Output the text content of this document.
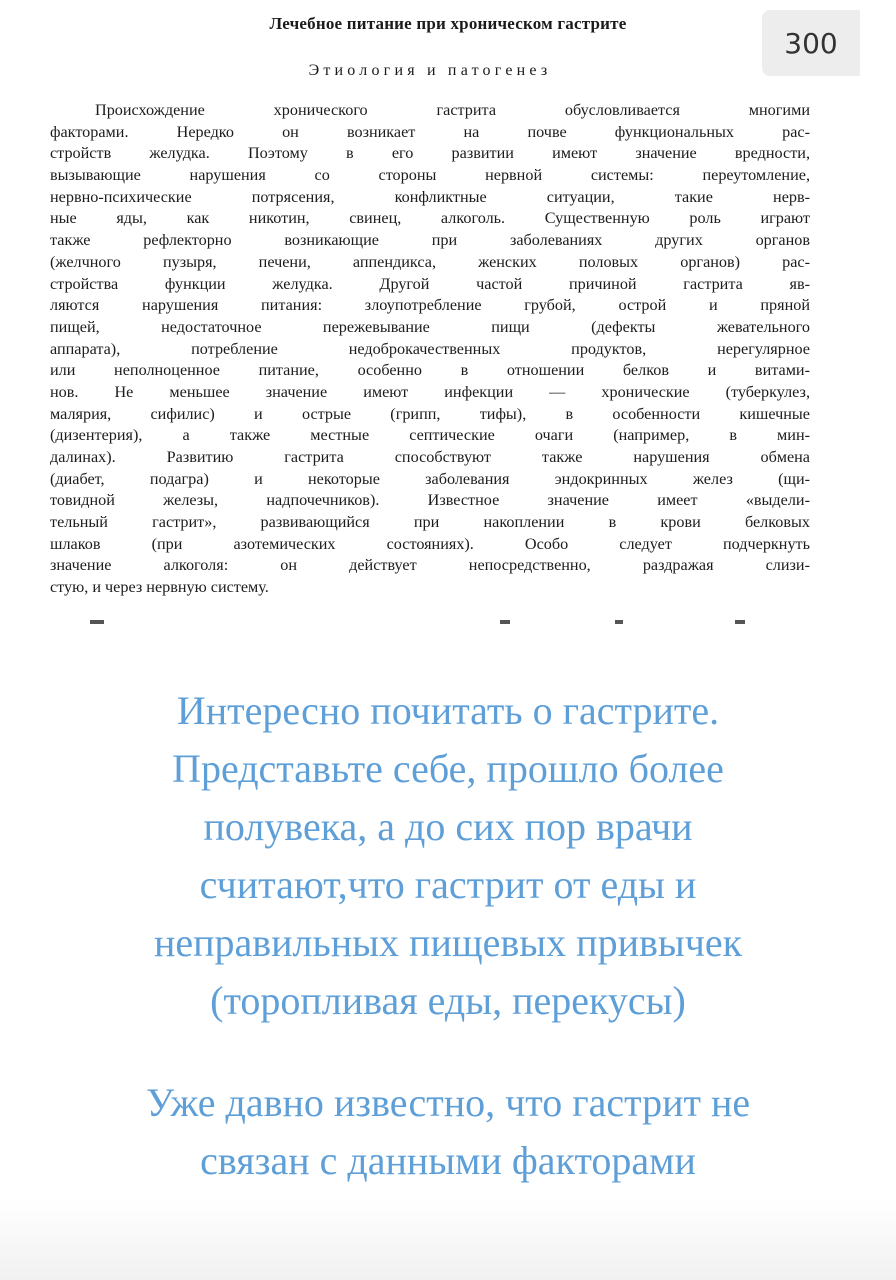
Лечебное питание при хроническом гастрите
300
Этиология и патогенез
Происхождение хронического гастрита обусловливается многими
факторами. Нередко он возникает на почве функциональных рас-
стройств желудка. Поэтому в его развитии имеют значение вредности,
вызывающие нарушения со стороны нервной системы: переутомление,
нервно-психические потрясения, конфликтные ситуации, такие нерв-
ные яды, как никотин, свинец, алкоголь. Существенную роль играют
также рефлекторно возникающие при заболеваниях других органов
(желчного пузыря, печени, аппендикса, женских половых органов) рас-
стройства функции желудка. Другой частой причиной гастрита яв-
ляются нарушения питания: злоупотребление грубой, острой и пряной
пищей, недостаточное пережевывание пищи (дефекты жевательного
аппарата), потребление недоброкачественных продуктов, нерегулярное
или неполноценное питание, особенно в отношении белков и витами-
нов. Не меньшее значение имеют инфекции — хронические (туберкулез,
малярия, сифилис) и острые (грипп, тифы), в особенности кишечные
(дизентерия), а также местные септические очаги (например, в мин-
далинах). Развитию гастрита способствуют также нарушения обмена
(диабет, подагра) и некоторые заболевания эндокринных желез (щи-
товидной железы, надпочечников). Известное значение имеет «выдели-
тельный гастрит», развивающийся при накоплении в крови белковых
шлаков (при азотемических состояниях). Особо следует подчеркнуть
значение алкоголя: он действует непосредственно, раздражая слизи-
стую, и через нервную систему.
Интересно почитать о гастрите.
Представьте себе, прошло более
полувека, а до сих пор врачи
считают,что гастрит от еды и
неправильных пищевых привычек
(торопливая еды, перекусы)
Уже давно известно, что гастрит не
связан с данными факторами
